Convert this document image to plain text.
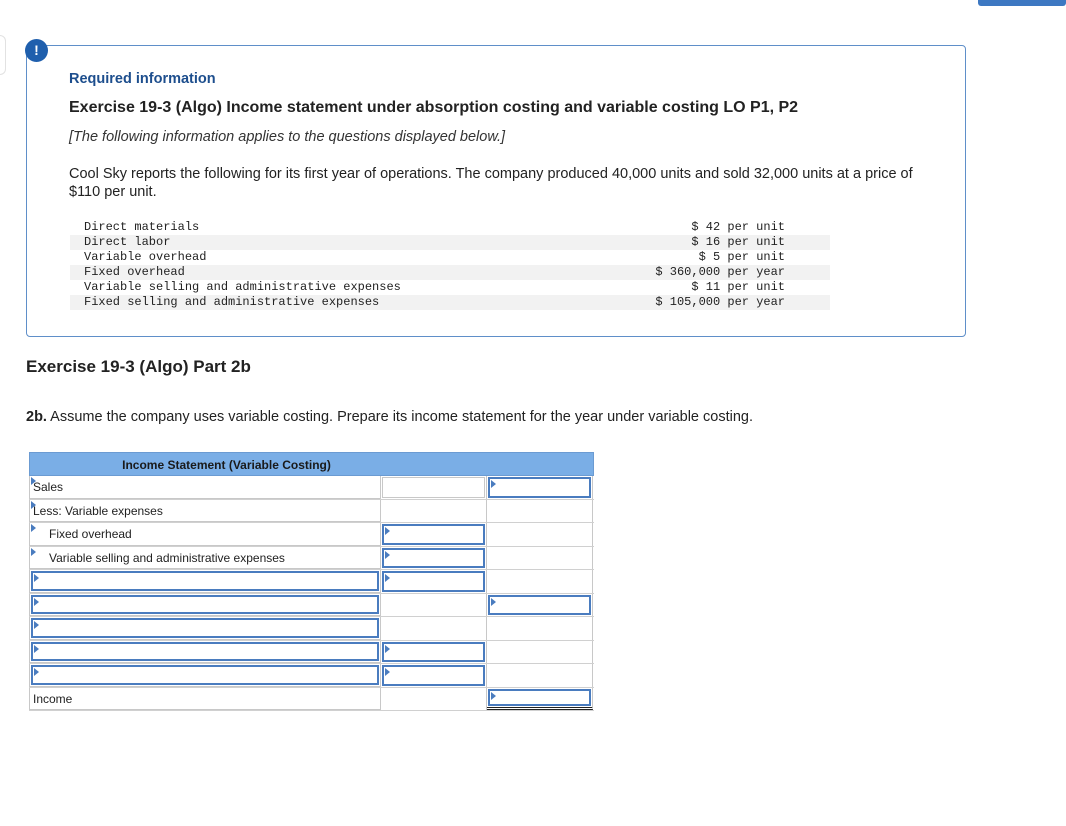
!
Required information
Exercise 19-3 (Algo) Income statement under absorption costing and variable costing LO P1, P2
[The following information applies to the questions displayed below.]
Cool Sky reports the following for its first year of operations. The company produced 40,000 units and sold 32,000 units at a price of $110 per unit.
Direct materials	$ 42 per unit
Direct labor	$ 16 per unit
Variable overhead	$ 5 per unit
Fixed overhead	$ 360,000 per year
Variable selling and administrative expenses	$ 11 per unit
Fixed selling and administrative expenses	$ 105,000 per year
Exercise 19-3 (Algo) Part 2b
2b. Assume the company uses variable costing. Prepare its income statement for the year under variable costing.
Income Statement (Variable Costing)
Sales
Less: Variable expenses
Fixed overhead
Variable selling and administrative expenses
Income
